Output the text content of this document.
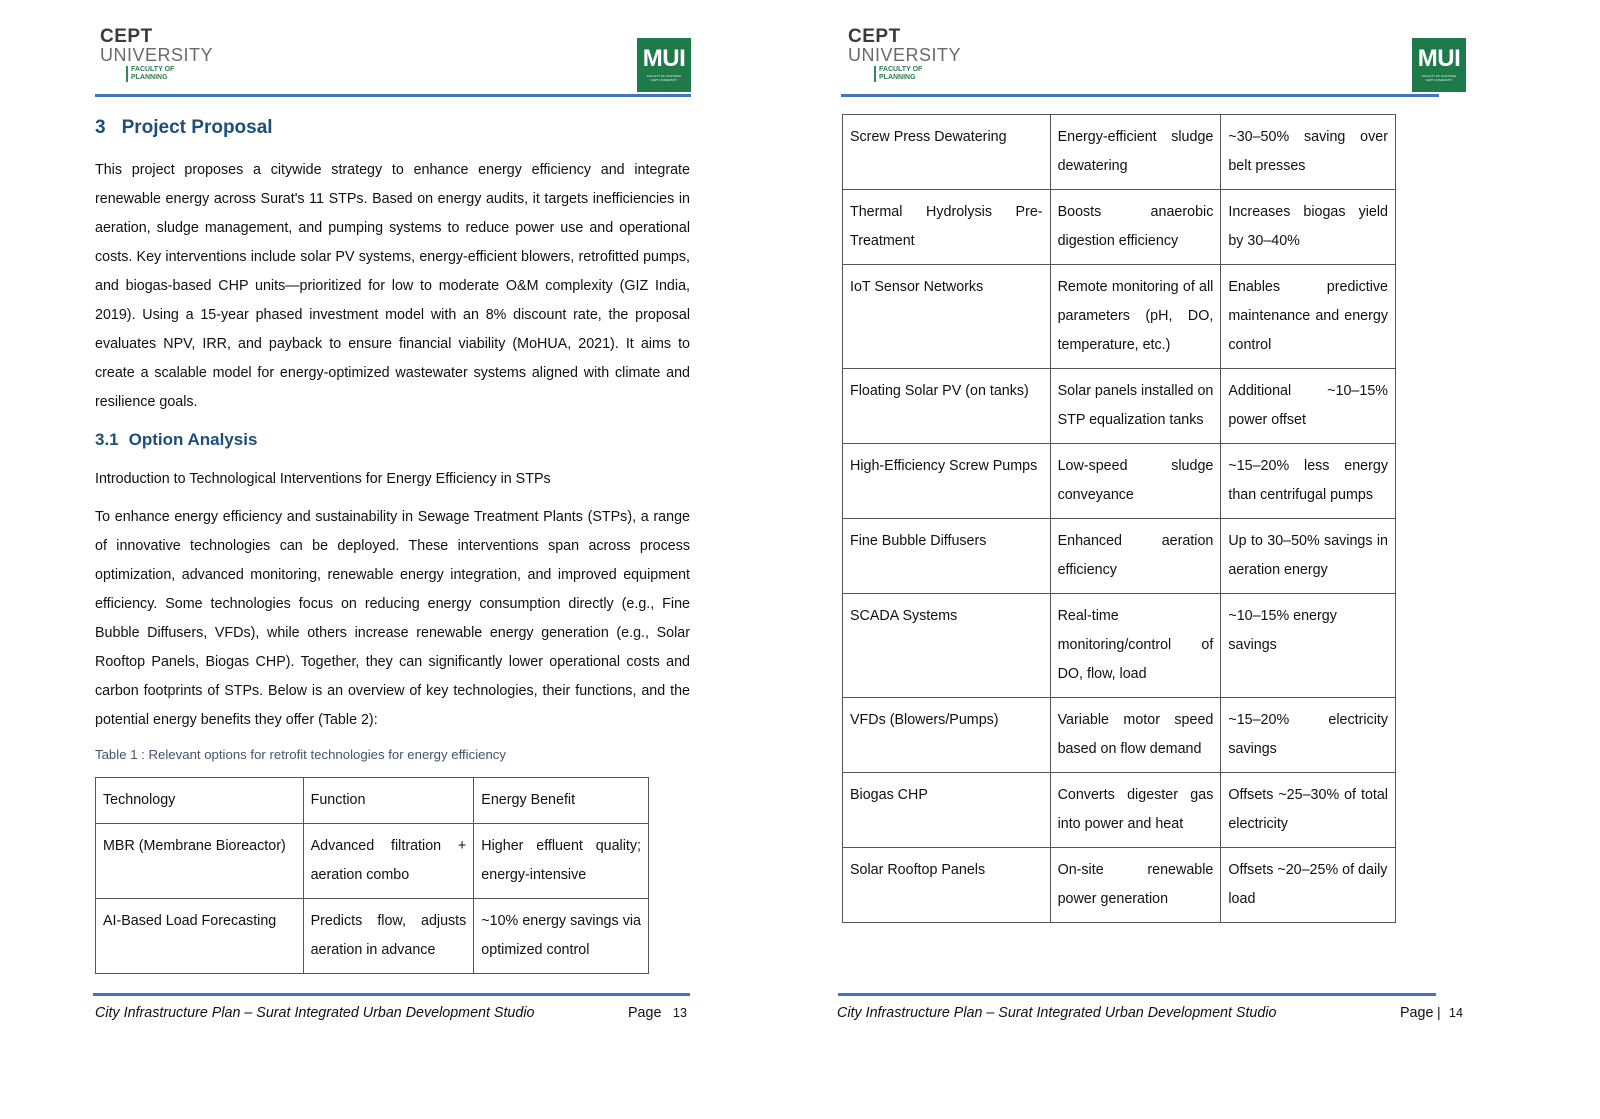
CEPT
UNIVERSITY
FACULTY OF PLANNING
MUI
FACULTY OF PLANNING
CEPT UNIVERSITY
3 Project Proposal
This project proposes a citywide strategy to enhance energy efficiency and integrate renewable energy across Surat's 11 STPs. Based on energy audits, it targets inefficiencies in aeration, sludge management, and pumping systems to reduce power use and operational costs. Key interventions include solar PV systems, energy-efficient blowers, retrofitted pumps, and biogas-based CHP units—prioritized for low to moderate O&M complexity (GIZ India, 2019). Using a 15-year phased investment model with an 8% discount rate, the proposal evaluates NPV, IRR, and payback to ensure financial viability (MoHUA, 2021). It aims to create a scalable model for energy-optimized wastewater systems aligned with climate and resilience goals.
3.1 Option Analysis
Introduction to Technological Interventions for Energy Efficiency in STPs
To enhance energy efficiency and sustainability in Sewage Treatment Plants (STPs), a range of innovative technologies can be deployed. These interventions span across process optimization, advanced monitoring, renewable energy integration, and improved equipment efficiency. Some technologies focus on reducing energy consumption directly (e.g., Fine Bubble Diffusers, VFDs), while others increase renewable energy generation (e.g., Solar Rooftop Panels, Biogas CHP). Together, they can significantly lower operational costs and carbon footprints of STPs. Below is an overview of key technologies, their functions, and the potential energy benefits they offer (Table 2):
Table 1 : Relevant options for retrofit technologies for energy efficiency
Technology	Function	Energy Benefit
MBR (Membrane Bioreactor)	Advanced filtration + aeration combo	Higher effluent quality; energy-intensive
AI-Based Load Forecasting	Predicts flow, adjusts aeration in advance	~10% energy savings via optimized control
City Infrastructure Plan – Surat Integrated Urban Development Studio	Page 13
CEPT
UNIVERSITY
FACULTY OF PLANNING
MUI
FACULTY OF PLANNING
CEPT UNIVERSITY
Screw Press Dewatering	Energy-efficient sludge dewatering	~30–50% saving over belt presses
Thermal Hydrolysis Pre-Treatment	Boosts anaerobic digestion efficiency	Increases biogas yield by 30–40%
IoT Sensor Networks	Remote monitoring of all parameters (pH, DO, temperature, etc.)	Enables predictive maintenance and energy control
Floating Solar PV (on tanks)	Solar panels installed on STP equalization tanks	Additional ~10–15% power offset
High-Efficiency Screw Pumps	Low-speed sludge conveyance	~15–20% less energy than centrifugal pumps
Fine Bubble Diffusers	Enhanced aeration efficiency	Up to 30–50% savings in aeration energy
SCADA Systems	Real-time monitoring/control of DO, flow, load	~10–15% energy savings
VFDs (Blowers/Pumps)	Variable motor speed based on flow demand	~15–20% electricity savings
Biogas CHP	Converts digester gas into power and heat	Offsets ~25–30% of total electricity
Solar Rooftop Panels	On-site renewable power generation	Offsets ~20–25% of daily load
City Infrastructure Plan – Surat Integrated Urban Development Studio	Page | 14
